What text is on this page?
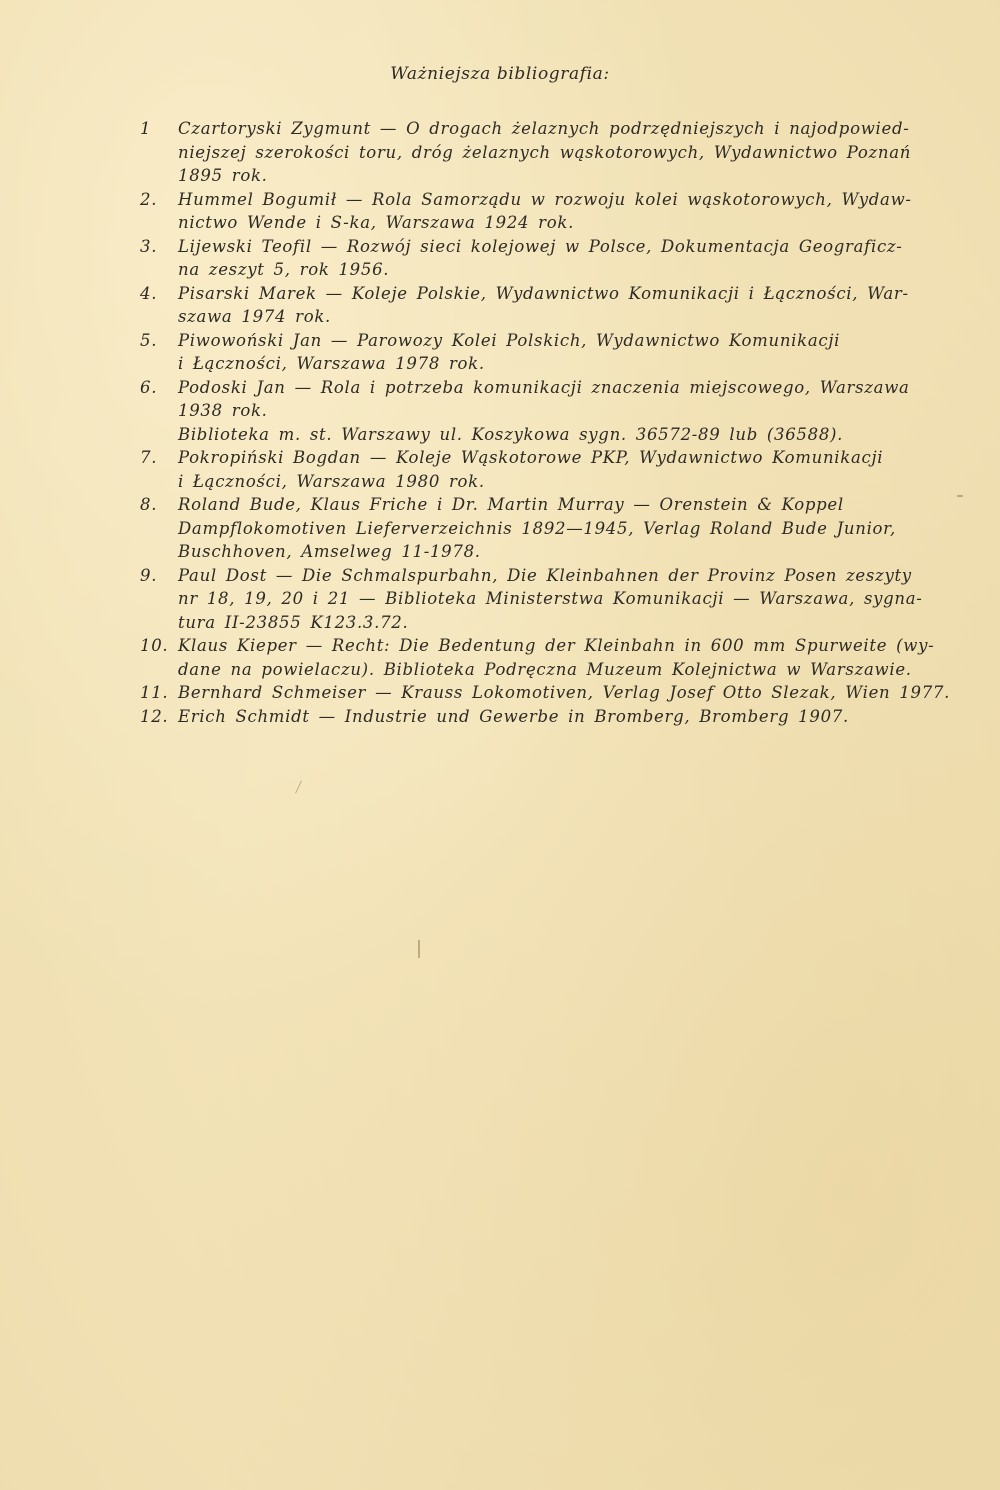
Ważniejsza bibliografia:
1	Czartoryski Zygmunt — O drogach żelaznych podrzędniejszych i najodpowied-
niejszej szerokości toru, dróg żelaznych wąskotorowych, Wydawnictwo Poznań
1895 rok.
2.	Hummel Bogumił — Rola Samorządu w rozwoju kolei wąskotorowych, Wydaw-
nictwo Wende i S-ka, Warszawa 1924 rok.
3.	Lijewski Teofil — Rozwój sieci kolejowej w Polsce, Dokumentacja Geograficz-
na zeszyt 5, rok 1956.
4.	Pisarski Marek — Koleje Polskie, Wydawnictwo Komunikacji i Łączności, War-
szawa 1974 rok.
5.	Piwowoński Jan — Parowozy Kolei Polskich, Wydawnictwo Komunikacji
i Łączności, Warszawa 1978 rok.
6.	Podoski Jan — Rola i potrzeba komunikacji znaczenia miejscowego, Warszawa
1938 rok.
Biblioteka m. st. Warszawy ul. Koszykowa sygn. 36572-89 lub (36588).
7.	Pokropiński Bogdan — Koleje Wąskotorowe PKP, Wydawnictwo Komunikacji
i Łączności, Warszawa 1980 rok.
8.	Roland Bude, Klaus Friche i Dr. Martin Murray — Orenstein & Koppel
Dampflokomotiven Lieferverzeichnis 1892—1945, Verlag Roland Bude Junior,
Buschhoven, Amselweg 11-1978.
9.	Paul Dost — Die Schmalspurbahn, Die Kleinbahnen der Provinz Posen zeszyty
nr 18, 19, 20 i 21 — Biblioteka Ministerstwa Komunikacji — Warszawa, sygna-
tura II-23855 K123.3.72.
10. Klaus Kieper — Recht: Die Bedentung der Kleinbahn in 600 mm Spurweite (wy-
dane na powielaczu). Biblioteka Podręczna Muzeum Kolejnictwa w Warszawie.
11. Bernhard Schmeiser — Krauss Lokomotiven, Verlag Josef Otto Slezak, Wien 1977.
12. Erich Schmidt — Industrie und Gewerbe in Bromberg, Bromberg 1907.
